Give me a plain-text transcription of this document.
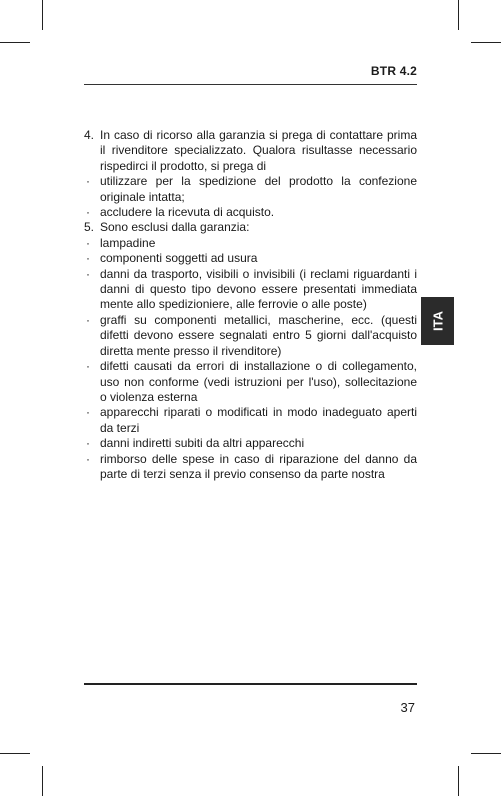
BTR 4.2
4. In caso di ricorso alla garanzia si prega di contattare prima il rivenditore specializzato. Qualora risultasse necessario rispedirci il prodotto, si prega di
· utilizzare per la spedizione del prodotto la confezione originale intatta;
· accludere la ricevuta di acquisto.
5. Sono esclusi dalla garanzia:
· lampadine
· componenti soggetti ad usura
· danni da trasporto, visibili o invisibili (i reclami riguardanti i danni di questo tipo devono essere presentati immediata mente allo spedizioniere, alle ferrovie o alle poste)
· graffi su componenti metallici, mascherine, ecc. (questi difetti devono essere segnalati entro 5 giorni dall'acquisto diretta mente presso il rivenditore)
· difetti causati da errori di installazione o di collegamento, uso non conforme (vedi istruzioni per l'uso), sollecitazione o violenza esterna
· apparecchi riparati o modificati in modo inadeguato aperti da terzi
· danni indiretti subiti da altri apparecchi
· rimborso delle spese in caso di riparazione del danno da parte di terzi senza il previo consenso da parte nostra
ITA
37
